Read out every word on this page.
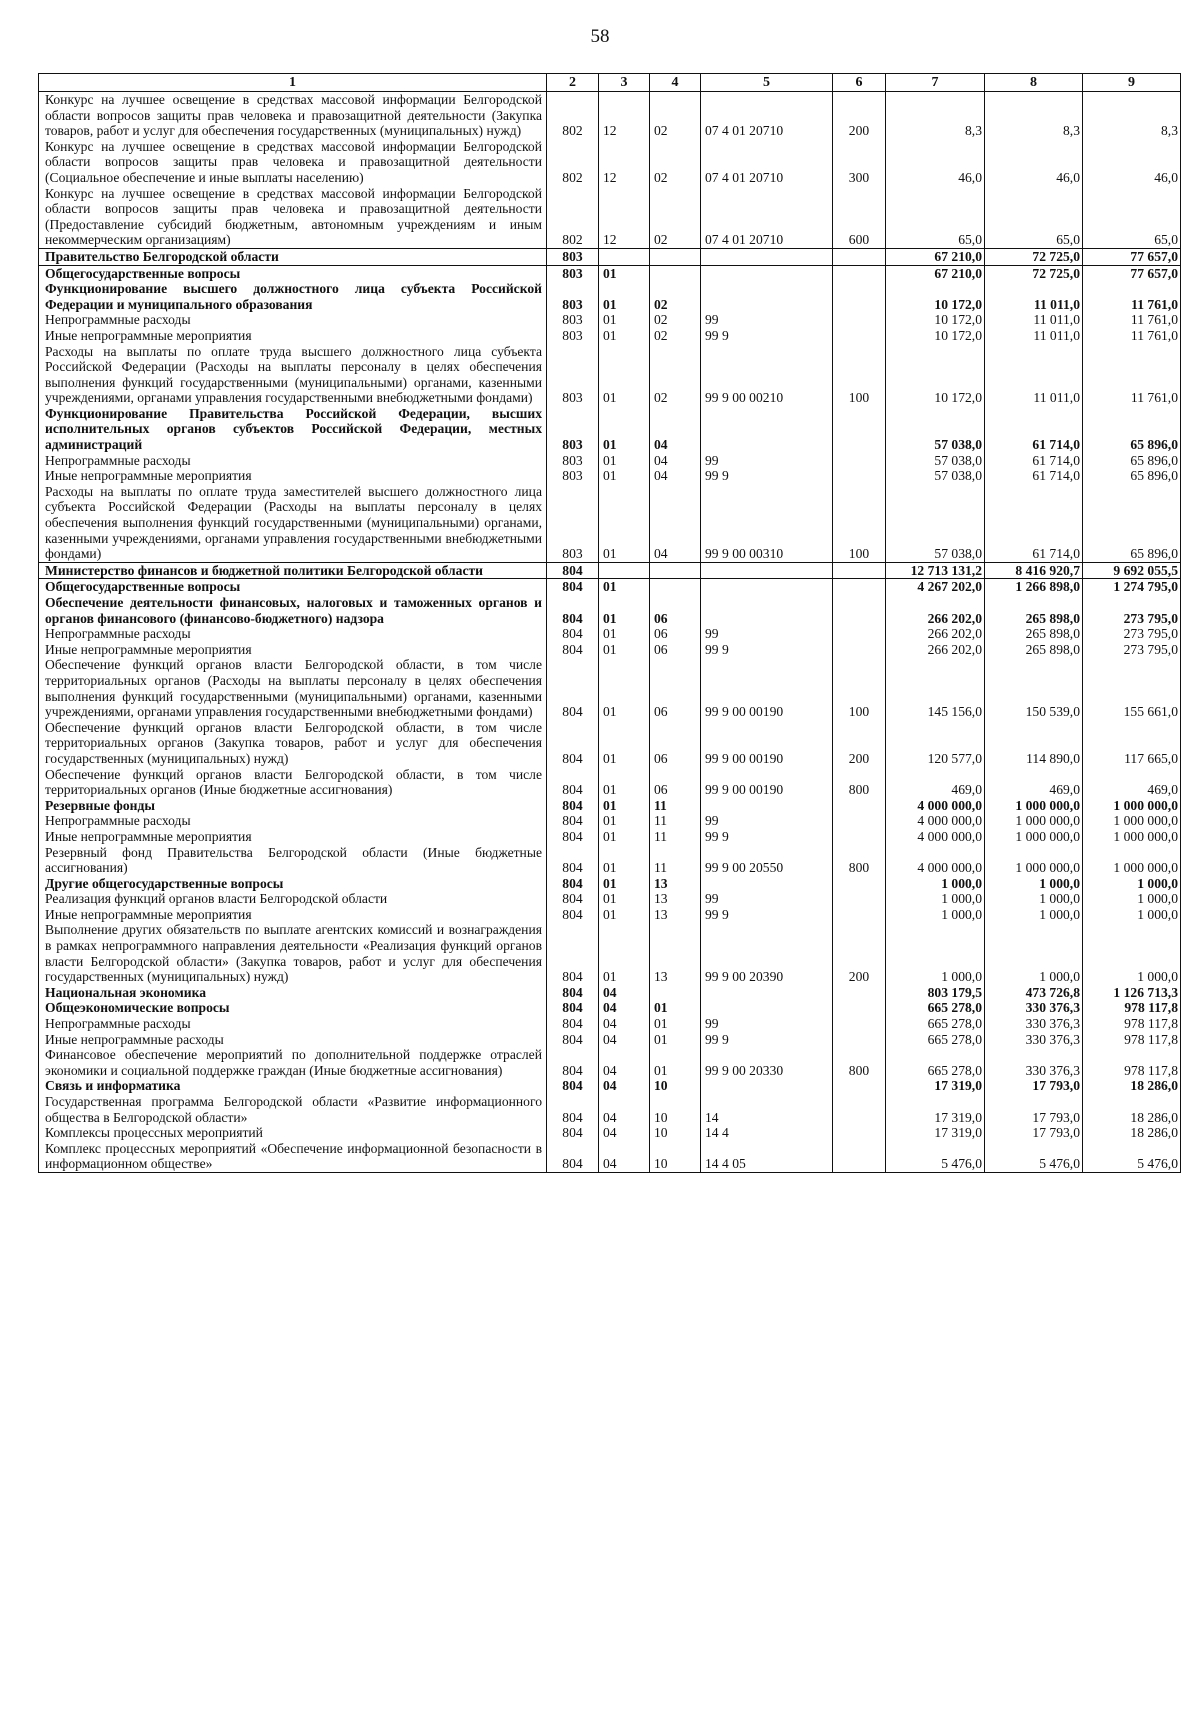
58
1	2	3	4	5	6	7	8	9
Конкурс на лучшее освещение в средствах массовой информации Белгородской области вопросов защиты прав человека и правозащитной деятельности (Закупка товаров, работ и услуг для обеспечения государственных (муниципальных) нужд)	802	12	02	07 4 01 20710	200	8,3	8,3	8,3
Конкурс на лучшее освещение в средствах массовой информации Белгородской области вопросов защиты прав человека и правозащитной деятельности (Социальное обеспечение и иные выплаты населению)	802	12	02	07 4 01 20710	300	46,0	46,0	46,0
Конкурс на лучшее освещение в средствах массовой информации Белгородской области вопросов защиты прав человека и правозащитной деятельности (Предоставление субсидий бюджетным, автономным учреждениям и иным некоммерческим организациям)	802	12	02	07 4 01 20710	600	65,0	65,0	65,0
Правительство Белгородской области	803					67 210,0	72 725,0	77 657,0
Общегосударственные вопросы	803	01				67 210,0	72 725,0	77 657,0
Функционирование высшего должностного лица субъекта Российской Федерации и муниципального образования	803	01	02			10 172,0	11 011,0	11 761,0
Непрограммные расходы	803	01	02	99		10 172,0	11 011,0	11 761,0
Иные непрограммные мероприятия	803	01	02	99 9		10 172,0	11 011,0	11 761,0
Расходы на выплаты по оплате труда высшего должностного лица субъекта Российской Федерации (Расходы на выплаты персоналу в целях обеспечения выполнения функций государственными (муниципальными) органами, казенными учреждениями, органами управления государственными внебюджетными фондами)	803	01	02	99 9 00 00210	100	10 172,0	11 011,0	11 761,0
Функционирование Правительства Российской Федерации, высших исполнительных органов субъектов Российской Федерации, местных администраций	803	01	04			57 038,0	61 714,0	65 896,0
Непрограммные расходы	803	01	04	99		57 038,0	61 714,0	65 896,0
Иные непрограммные мероприятия	803	01	04	99 9		57 038,0	61 714,0	65 896,0
Расходы на выплаты по оплате труда заместителей высшего должностного лица субъекта Российской Федерации (Расходы на выплаты персоналу в целях обеспечения выполнения функций государственными (муниципальными) органами, казенными учреждениями, органами управления государственными внебюджетными фондами)	803	01	04	99 9 00 00310	100	57 038,0	61 714,0	65 896,0
Министерство финансов и бюджетной политики Белгородской области	804					12 713 131,2	8 416 920,7	9 692 055,5
Общегосударственные вопросы	804	01				4 267 202,0	1 266 898,0	1 274 795,0
Обеспечение деятельности финансовых, налоговых и таможенных органов и органов финансового (финансово-бюджетного) надзора	804	01	06			266 202,0	265 898,0	273 795,0
Непрограммные расходы	804	01	06	99		266 202,0	265 898,0	273 795,0
Иные непрограммные мероприятия	804	01	06	99 9		266 202,0	265 898,0	273 795,0
Обеспечение функций органов власти Белгородской области, в том числе территориальных органов (Расходы на выплаты персоналу в целях обеспечения выполнения функций государственными (муниципальными) органами, казенными учреждениями, органами управления государственными внебюджетными фондами)	804	01	06	99 9 00 00190	100	145 156,0	150 539,0	155 661,0
Обеспечение функций органов власти Белгородской области, в том числе территориальных органов (Закупка товаров, работ и услуг для обеспечения государственных (муниципальных) нужд)	804	01	06	99 9 00 00190	200	120 577,0	114 890,0	117 665,0
Обеспечение функций органов власти Белгородской области, в том числе территориальных органов (Иные бюджетные ассигнования)	804	01	06	99 9 00 00190	800	469,0	469,0	469,0
Резервные фонды	804	01	11			4 000 000,0	1 000 000,0	1 000 000,0
Непрограммные расходы	804	01	11	99		4 000 000,0	1 000 000,0	1 000 000,0
Иные непрограммные мероприятия	804	01	11	99 9		4 000 000,0	1 000 000,0	1 000 000,0
Резервный фонд Правительства Белгородской области (Иные бюджетные ассигнования)	804	01	11	99 9 00 20550	800	4 000 000,0	1 000 000,0	1 000 000,0
Другие общегосударственные вопросы	804	01	13			1 000,0	1 000,0	1 000,0
Реализация функций органов власти Белгородской области	804	01	13	99		1 000,0	1 000,0	1 000,0
Иные непрограммные мероприятия	804	01	13	99 9		1 000,0	1 000,0	1 000,0
Выполнение других обязательств по выплате агентских комиссий и вознаграждения в рамках непрограммного направления деятельности «Реализация функций органов власти Белгородской области» (Закупка товаров, работ и услуг для обеспечения государственных (муниципальных) нужд)	804	01	13	99 9 00 20390	200	1 000,0	1 000,0	1 000,0
Национальная экономика	804	04				803 179,5	473 726,8	1 126 713,3
Общеэкономические вопросы	804	04	01			665 278,0	330 376,3	978 117,8
Непрограммные расходы	804	04	01	99		665 278,0	330 376,3	978 117,8
Иные непрограммные расходы	804	04	01	99 9		665 278,0	330 376,3	978 117,8
Финансовое обеспечение мероприятий по дополнительной поддержке отраслей экономики и социальной поддержке граждан (Иные бюджетные ассигнования)	804	04	01	99 9 00 20330	800	665 278,0	330 376,3	978 117,8
Связь и информатика	804	04	10			17 319,0	17 793,0	18 286,0
Государственная программа Белгородской области «Развитие информационного общества в Белгородской области»	804	04	10	14		17 319,0	17 793,0	18 286,0
Комплексы процессных мероприятий	804	04	10	14 4		17 319,0	17 793,0	18 286,0
Комплекс процессных мероприятий «Обеспечение информационной безопасности в информационном обществе»	804	04	10	14 4 05		5 476,0	5 476,0	5 476,0
